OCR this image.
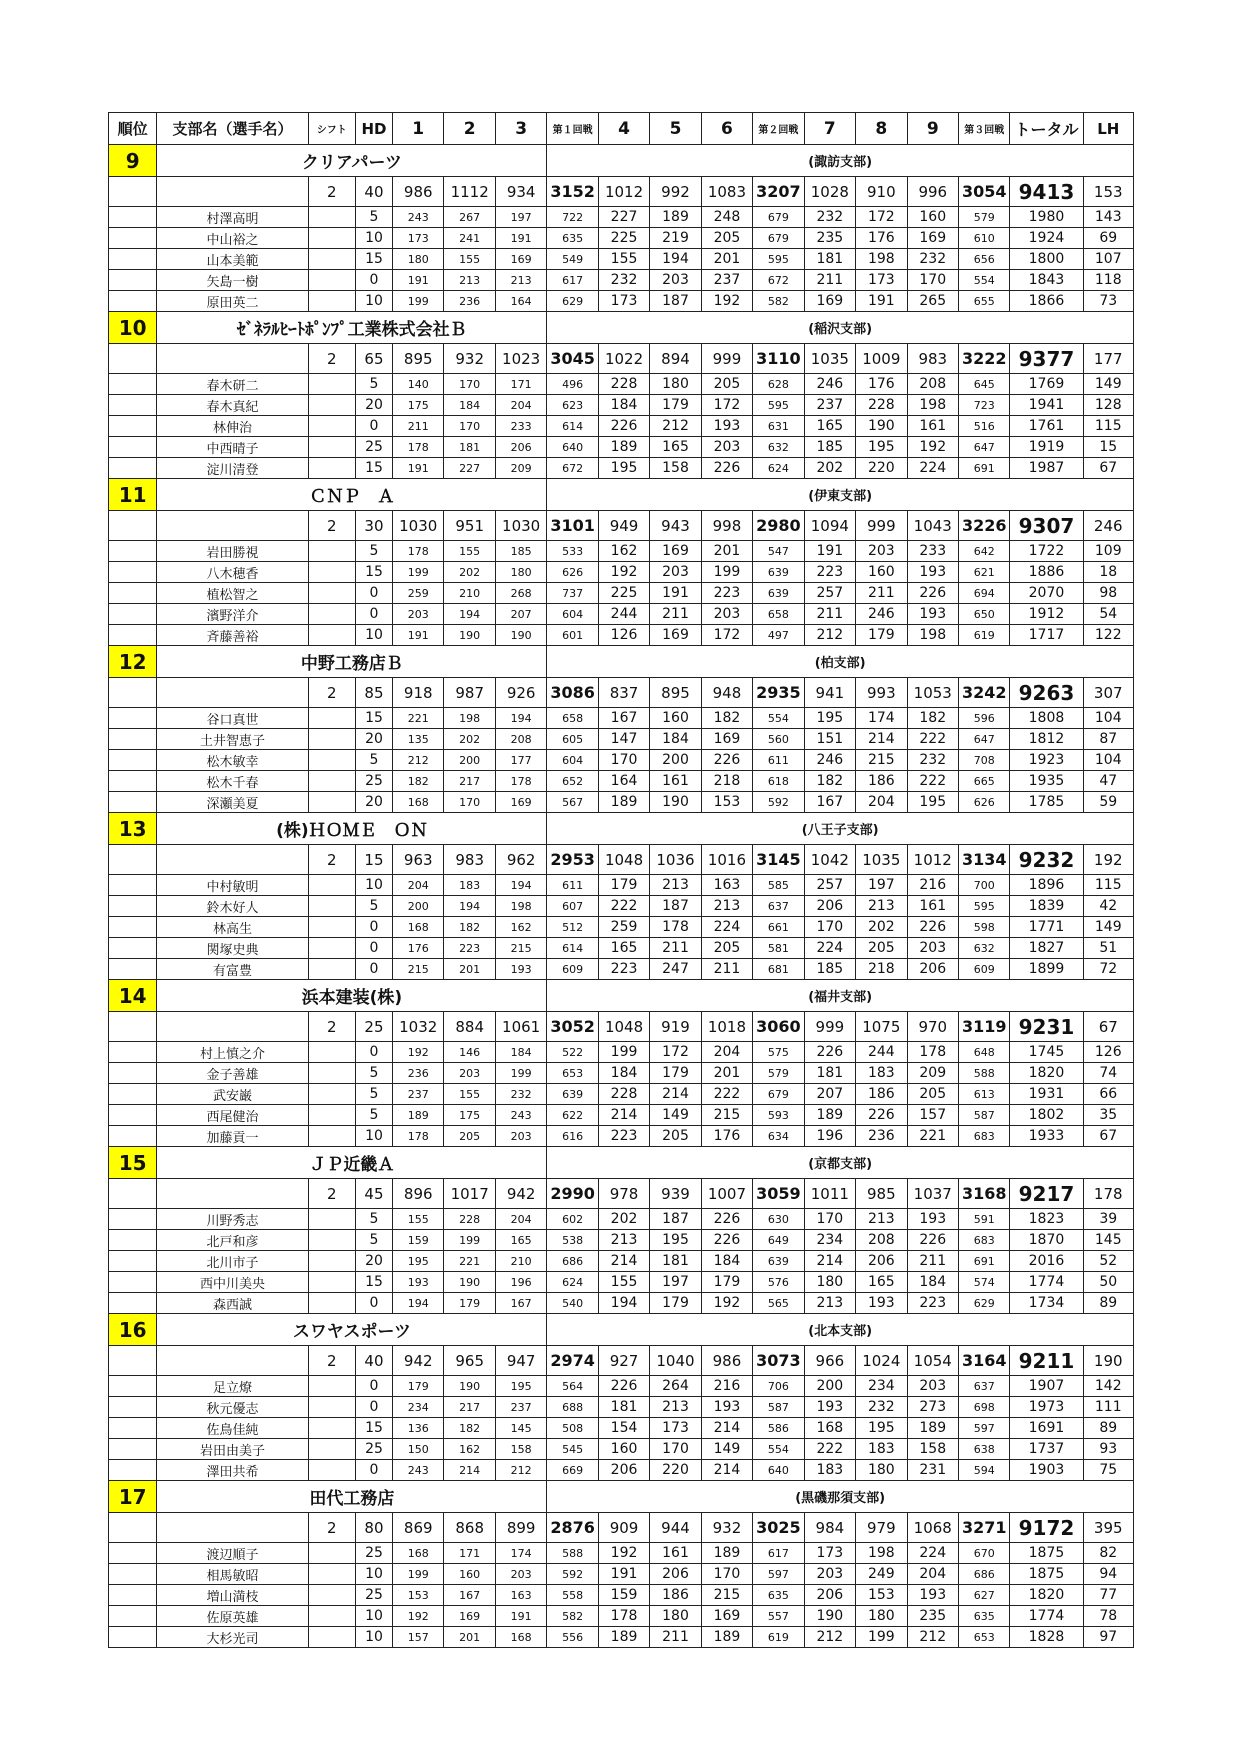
順位	支部名（選手名）	シフト	HD	1	2	3	第１回戦	4	5	6	第２回戦	7	8	9	第３回戦	トータル	LH
9	クリアパーツ						(諏訪支部)										
		2	40	986	1112	934	3152	1012	992	1083	3207	1028	910	996	3054	9413	153
	村澤高明		5	243	267	197	722	227	189	248	679	232	172	160	579	1980	143
	中山裕之		10	173	241	191	635	225	219	205	679	235	176	169	610	1924	69
	山本美範		15	180	155	169	549	155	194	201	595	181	198	232	656	1800	107
	矢島一樹		0	191	213	213	617	232	203	237	672	211	173	170	554	1843	118
	原田英二		10	199	236	164	629	173	187	192	582	169	191	265	655	1866	73
10	ｾﾞﾈﾗﾙﾋｰﾄﾎﾟﾝﾌﾟ工業株式会社Ｂ						(稲沢支部)										
		2	65	895	932	1023	3045	1022	894	999	3110	1035	1009	983	3222	9377	177
	春木研二		5	140	170	171	496	228	180	205	628	246	176	208	645	1769	149
	春木真紀		20	175	184	204	623	184	179	172	595	237	228	198	723	1941	128
	林伸治		0	211	170	233	614	226	212	193	631	165	190	161	516	1761	115
	中西晴子		25	178	181	206	640	189	165	203	632	185	195	192	647	1919	15
	淀川清登		15	191	227	209	672	195	158	226	624	202	220	224	691	1987	67
11	ＣＮＰ　Ａ						(伊東支部)										
		2	30	1030	951	1030	3101	949	943	998	2980	1094	999	1043	3226	9307	246
	岩田勝視		5	178	155	185	533	162	169	201	547	191	203	233	642	1722	109
	八木穂香		15	199	202	180	626	192	203	199	639	223	160	193	621	1886	18
	植松智之		0	259	210	268	737	225	191	223	639	257	211	226	694	2070	98
	濱野洋介		0	203	194	207	604	244	211	203	658	211	246	193	650	1912	54
	斉藤善裕		10	191	190	190	601	126	169	172	497	212	179	198	619	1717	122
12	中野工務店Ｂ						(柏支部)										
		2	85	918	987	926	3086	837	895	948	2935	941	993	1053	3242	9263	307
	谷口真世		15	221	198	194	658	167	160	182	554	195	174	182	596	1808	104
	土井智恵子		20	135	202	208	605	147	184	169	560	151	214	222	647	1812	87
	松木敏幸		5	212	200	177	604	170	200	226	611	246	215	232	708	1923	104
	松木千春		25	182	217	178	652	164	161	218	618	182	186	222	665	1935	47
	深瀬美夏		20	168	170	169	567	189	190	153	592	167	204	195	626	1785	59
13	(株)ＨＯＭＥ　ＯＮ						(八王子支部)										
		2	15	963	983	962	2953	1048	1036	1016	3145	1042	1035	1012	3134	9232	192
	中村敏明		10	204	183	194	611	179	213	163	585	257	197	216	700	1896	115
	鈴木好人		5	200	194	198	607	222	187	213	637	206	213	161	595	1839	42
	林高生		0	168	182	162	512	259	178	224	661	170	202	226	598	1771	149
	関塚史典		0	176	223	215	614	165	211	205	581	224	205	203	632	1827	51
	有富豊		0	215	201	193	609	223	247	211	681	185	218	206	609	1899	72
14	浜本建装(株)						(福井支部)										
		2	25	1032	884	1061	3052	1048	919	1018	3060	999	1075	970	3119	9231	67
	村上慎之介		0	192	146	184	522	199	172	204	575	226	244	178	648	1745	126
	金子善雄		5	236	203	199	653	184	179	201	579	181	183	209	588	1820	74
	武安巌		5	237	155	232	639	228	214	222	679	207	186	205	613	1931	66
	西尾健治		5	189	175	243	622	214	149	215	593	189	226	157	587	1802	35
	加藤貢一		10	178	205	203	616	223	205	176	634	196	236	221	683	1933	67
15	ＪＰ近畿Ａ						(京都支部)										
		2	45	896	1017	942	2990	978	939	1007	3059	1011	985	1037	3168	9217	178
	川野秀志		5	155	228	204	602	202	187	226	630	170	213	193	591	1823	39
	北戸和彦		5	159	199	165	538	213	195	226	649	234	208	226	683	1870	145
	北川市子		20	195	221	210	686	214	181	184	639	214	206	211	691	2016	52
	西中川美央		15	193	190	196	624	155	197	179	576	180	165	184	574	1774	50
	森西誠		0	194	179	167	540	194	179	192	565	213	193	223	629	1734	89
16	スワヤスポーツ						(北本支部)										
		2	40	942	965	947	2974	927	1040	986	3073	966	1024	1054	3164	9211	190
	足立燎		0	179	190	195	564	226	264	216	706	200	234	203	637	1907	142
	秋元優志		0	234	217	237	688	181	213	193	587	193	232	273	698	1973	111
	佐鳥佳純		15	136	182	145	508	154	173	214	586	168	195	189	597	1691	89
	岩田由美子		25	150	162	158	545	160	170	149	554	222	183	158	638	1737	93
	澤田共希		0	243	214	212	669	206	220	214	640	183	180	231	594	1903	75
17	田代工務店						(黒磯那須支部)										
		2	80	869	868	899	2876	909	944	932	3025	984	979	1068	3271	9172	395
	渡辺順子		25	168	171	174	588	192	161	189	617	173	198	224	670	1875	82
	相馬敏昭		10	199	160	203	592	191	206	170	597	203	249	204	686	1875	94
	増山満枝		25	153	167	163	558	159	186	215	635	206	153	193	627	1820	77
	佐原英雄		10	192	169	191	582	178	180	169	557	190	180	235	635	1774	78
	大杉光司		10	157	201	168	556	189	211	189	619	212	199	212	653	1828	97
